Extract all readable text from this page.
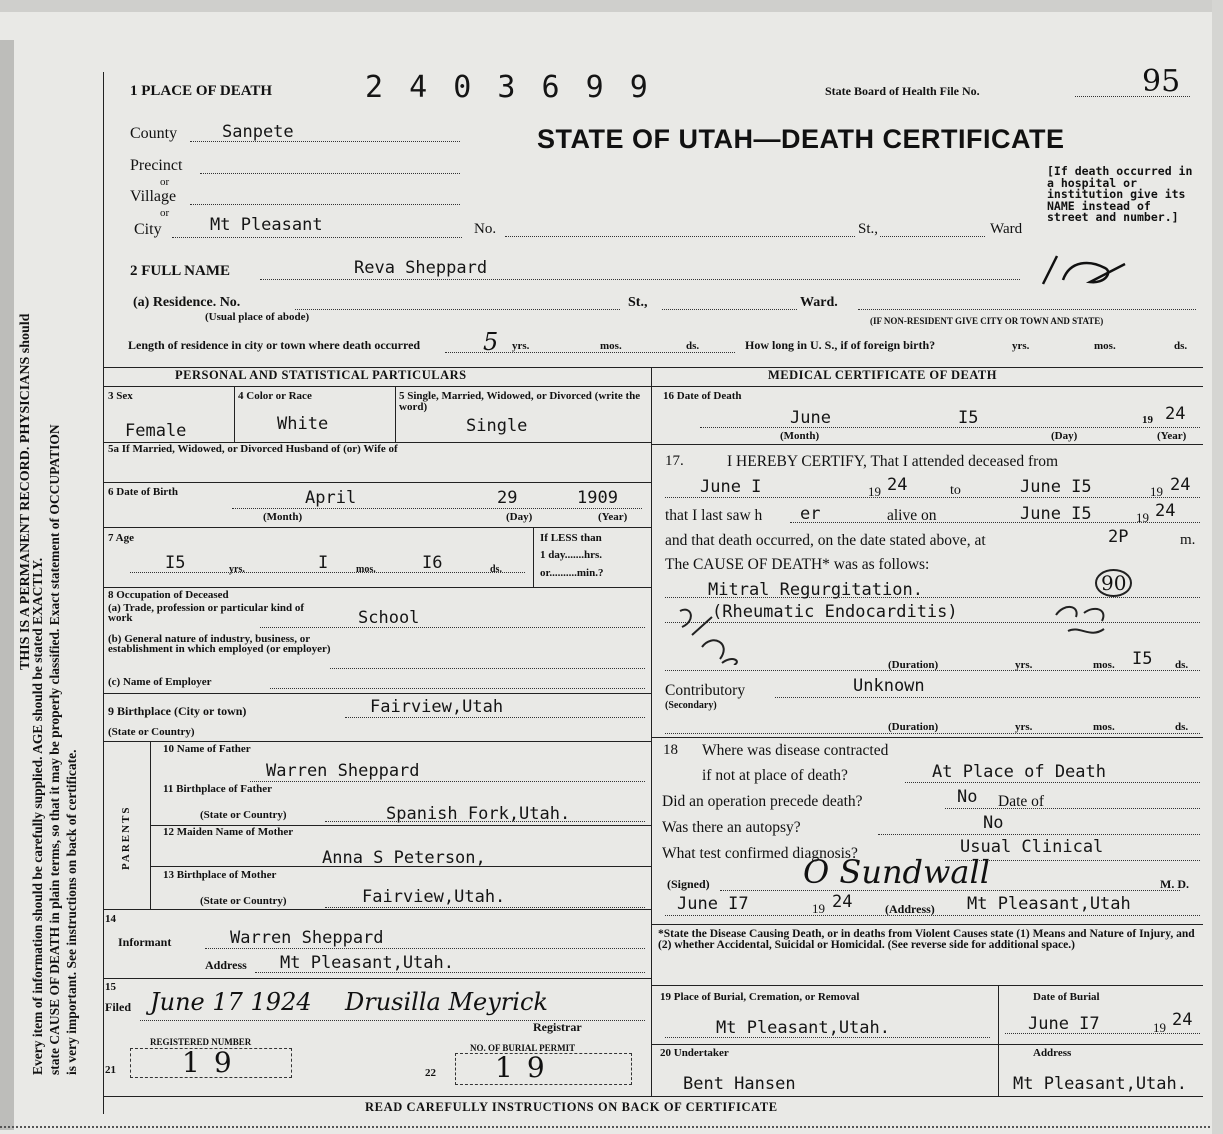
THIS IS A PERMANENT RECORD. PHYSICIANS should
Every item of information should be carefully supplied. AGE should be stated EXACTLY. state CAUSE OF DEATH in plain terms, so that it may be properly classified. Exact statement of OCCUPATION is very important. See instructions on back of certificate.
1 PLACE OF DEATH	2 4 0 3 6 9 9	State Board of Health File No.	95
STATE OF UTAH—DEATH CERTIFICATE
County	Sanpete
Precinct
or
Village
or
City	Mt Pleasant	No.	St.,	Ward
[If death occurred in a hospital or institution give its NAME instead of street and number.]
2 FULL NAME	Reva Sheppard
(a) Residence. No.
(Usual place of abode)
St.,	Ward.
(IF NON-RESIDENT GIVE CITY OR TOWN AND STATE)
Length of residence in city or town where death occurred	5 yrs.	mos.	ds.	How long in U. S., if of foreign birth?	yrs.	mos.	ds.
PERSONAL AND STATISTICAL PARTICULARS	MEDICAL CERTIFICATE OF DEATH
3 Sex
Female
4 Color or Race
White
5 Single, Married, Widowed, or Divorced (write the word)
Single
5a If Married, Widowed, or Divorced Husband of (or) Wife of
6 Date of Birth	April	29	1909
(Month)	(Day)	(Year)
7 Age
I5	yrs.	I	mos.	I6	ds.
If LESS than
1 day.......hrs.
or..........min.?
8 Occupation of Deceased
(a) Trade, profession or particular kind of work	School
(b) General nature of industry, business, or establishment in which employed (or employer)
(c) Name of Employer
9 Birthplace (City or town)	Fairview,Utah
(State or Country)
PARENTS
10 Name of Father
Warren Sheppard
11 Birthplace of Father
(State or Country)	Spanish Fork,Utah.
12 Maiden Name of Mother
Anna S Peterson,
13 Birthplace of Mother
(State or Country)	Fairview,Utah.
14
Informant	Warren Sheppard
Address Mt Pleasant,Utah.
15
Filed June 17 1924 Drusilla Meyrick
Registrar
REGISTERED NUMBER
21 19	NO. OF BURIAL PERMIT
22 19
16 Date of Death
June	I5	19 24
(Month)	(Day)	(Year)
17.	I HEREBY CERTIFY, That I attended deceased from
June I	19 24	to	June I5	19 24
that I last saw h er	alive on	June I5	19 24
and that death occurred, on the date stated above, at	2P	m.
The CAUSE OF DEATH* was as follows:
Mitral Regurgitation.	90
(Rheumatic Endocarditis)
(Duration)	yrs.	mos. I5 ds.
Contributory
(Secondary)
Unknown
(Duration)	yrs.	mos.	ds.
18 Where was disease contracted
if not at place of death?	At Place of Death
Did an operation precede death?	No Date of
Was there an autopsy?	No
What test confirmed diagnosis?	Usual Clinical
(Signed)	O Sundwall	M. D.
June I7	19 24	(Address) Mt Pleasant,Utah
*State the Disease Causing Death, or in deaths from Violent Causes state (1) Means and Nature of Injury, and (2) whether Accidental, Suicidal or Homicidal. (See reverse side for additional space.)
19 Place of Burial, Cremation, or Removal
Mt Pleasant,Utah.
Date of Burial
June I7	19 24
20 Undertaker
Bent Hansen
Address
Mt Pleasant,Utah.
READ CAREFULLY INSTRUCTIONS ON BACK OF CERTIFICATE
